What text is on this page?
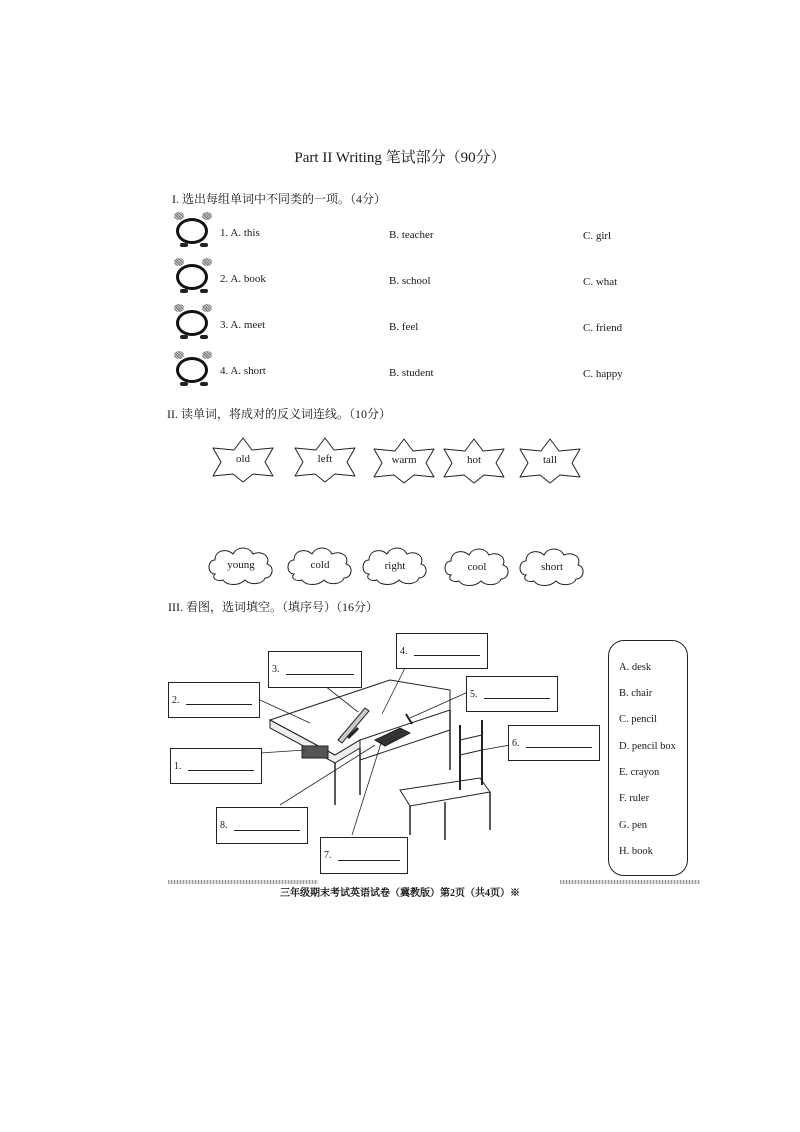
Part II Writing 笔试部分（90分）
I. 选出每组单词中不同类的一项。（4分）
1. A. this	B. teacher	C. girl
2. A. book	B. school	C. what
3. A. meet	B. feel	C. friend
4. A. short	B. student	C. happy
II. 读单词，将成对的反义词连线。（10分）
old	left	warm	hot	tall
young	cold	right	cool	short
III. 看图，选词填空。（填序号）（16分）
1.
2.
3.
4.
5.
6.
7.
8.
A. desk
B. chair
C. pencil
D. pencil box
E. crayon
F. ruler
G. pen
H. book
三年级期末考试英语试卷（冀教版）第2页（共4页）※
